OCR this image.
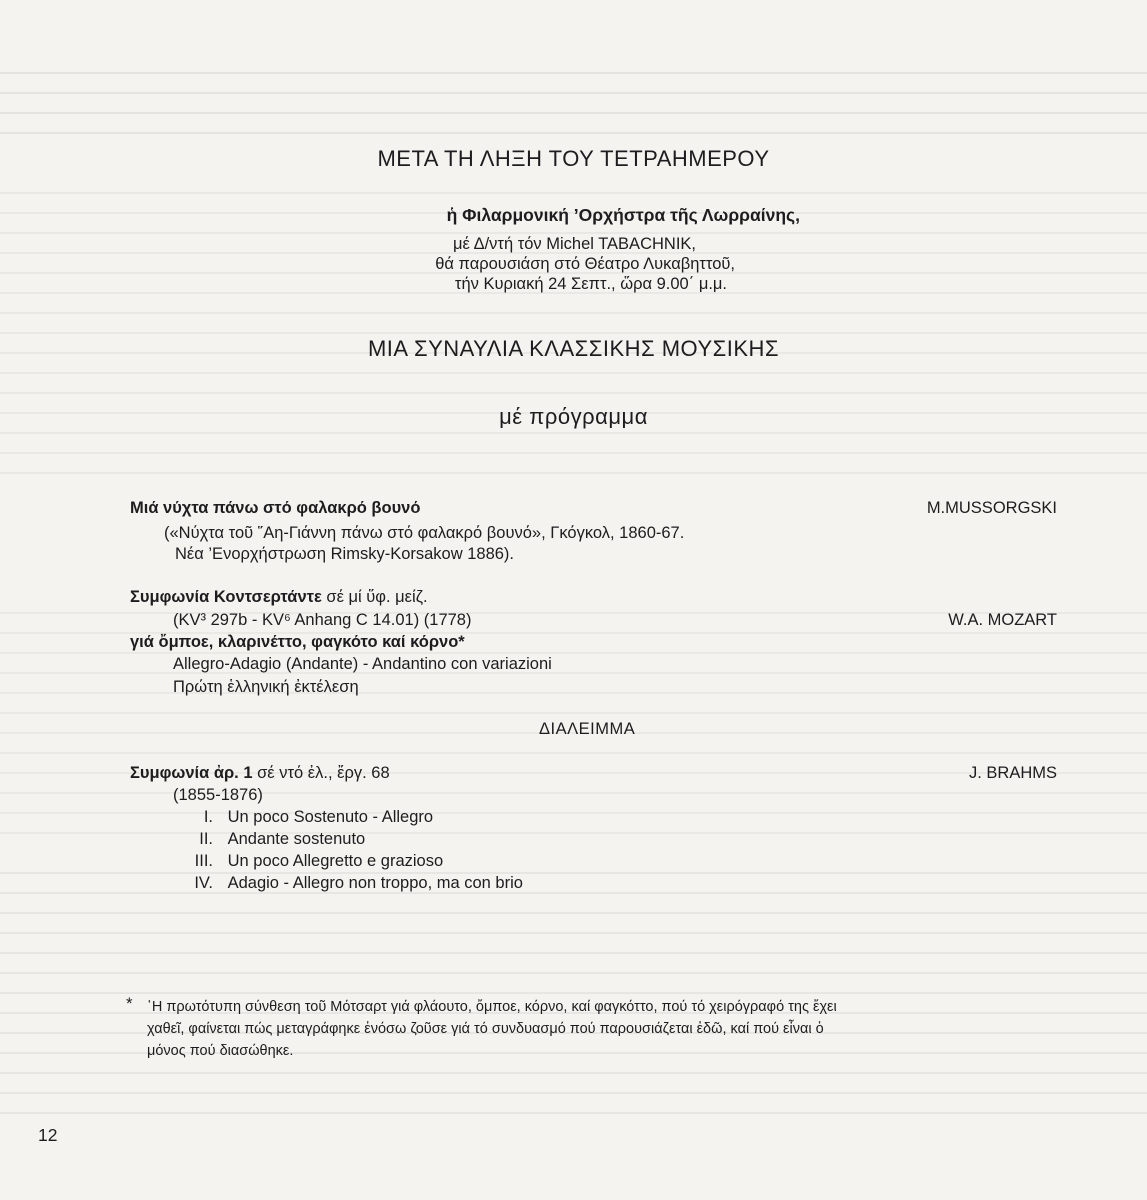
ΜΕΤΑ ΤΗ ΛΗΞΗ ΤΟΥ ΤΕΤΡΑΗΜΕΡΟΥ
ἡ Φιλαρμονική ’Ορχήστρα τῆς Λωρραίνης,
μέ Δ/ντή τόν Michel TABACHNIK,
θά παρουσιάση στό Θέατρο Λυκαβηττοῦ,
τήν Κυριακή 24 Σεπτ., ὥρα 9.00΄ μ.μ.
ΜΙΑ ΣΥΝΑΥΛΙΑ ΚΛΑΣΣΙΚΗΣ ΜΟΥΣΙΚΗΣ
μέ πρόγραμμα
Μιά νύχτα πάνω στό φαλακρό βουνό	M.MUSSORGSKI
(«Νύχτα τοῦ ῞Αη-Γιάννη πάνω στό φαλακρό βουνό», Γκόγκολ, 1860-67.
Νέα ’Ενορχήστρωση Rimsky-Korsakow 1886).
Συμφωνία Κοντσερτάντε σέ μί ὕφ. μείζ.
(KV³ 297b - KV⁶ Anhang C 14.01) (1778)	W.A. MOZART
γιά ὄμποε, κλαρινέττο, φαγκότο καί κόρνο*
Allegro-Adagio (Andante) - Andantino con variazioni
Πρώτη ἑλληνική ἐκτέλεση
ΔΙΑΛΕΙΜΜΑ
Συμφωνία ἀρ. 1 σέ ντό ἐλ., ἔργ. 68	J. BRAHMS
(1855-1876)
I. Un poco Sostenuto - Allegro
II. Andante sostenuto
III. Un poco Allegretto e grazioso
IV. Adagio - Allegro non troppo, ma con brio
* ῾Η πρωτότυπη σύνθεση τοῦ Μότσαρτ γιά φλάουτο, ὄμποε, κόρνο, καί φαγκόττο, πού τό χειρόγραφό της ἔχει
χαθεῖ, φαίνεται πώς μεταγράφηκε ἐνόσω ζοῦσε γιά τό συνδυασμό πού παρουσιάζεται ἐδῶ, καί πού εἶναι ὁ
μόνος πού διασώθηκε.
12
